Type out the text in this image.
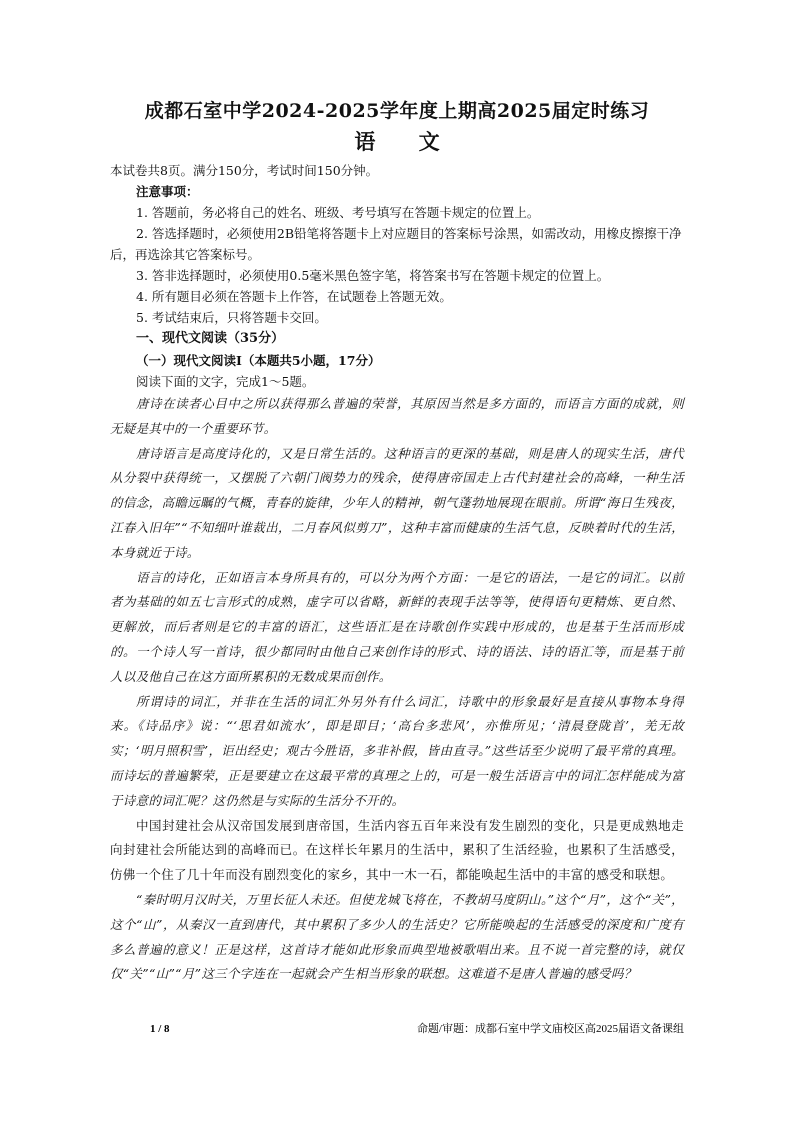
成都石室中学2024-2025学年度上期高2025届定时练习

语 文

本试卷共8页。满分150分，考试时间150分钟。

注意事项：

1. 答题前，务必将自己的姓名、班级、考号填写在答题卡规定的位置上。

2. 答选择题时，必须使用2B铅笔将答题卡上对应题目的答案标号涂黑，如需改动，用橡皮擦擦干净后，再选涂其它答案标号。

3. 答非选择题时，必须使用0.5毫米黑色签字笔，将答案书写在答题卡规定的位置上。

4. 所有题目必须在答题卡上作答，在试题卷上答题无效。

5. 考试结束后，只将答题卡交回。

一、现代文阅读（35分）

（一）现代文阅读Ⅰ（本题共5小题，17分）

阅读下面的文字，完成1～5题。

唐诗在读者心目中之所以获得那么普遍的荣誉，其原因当然是多方面的，而语言方面的成就，则无疑是其中的一个重要环节。

唐诗语言是高度诗化的，又是日常生活的。这种语言的更深的基础，则是唐人的现实生活，唐代从分裂中获得统一，又摆脱了六朝门阀势力的残余，使得唐帝国走上古代封建社会的高峰，一种生活的信念，高瞻远瞩的气概，青春的旋律，少年人的精神，朝气蓬勃地展现在眼前。所谓“海日生残夜，江春入旧年”“不知细叶谁裁出，二月春风似剪刀”，这种丰富而健康的生活气息，反映着时代的生活，本身就近于诗。

语言的诗化，正如语言本身所具有的，可以分为两个方面：一是它的语法，一是它的词汇。以前者为基础的如五七言形式的成熟，虚字可以省略，新鲜的表现手法等等，使得语句更精炼、更自然、更解放，而后者则是它的丰富的语汇，这些语汇是在诗歌创作实践中形成的，也是基于生活而形成的。一个诗人写一首诗，很少都同时由他自己来创作诗的形式、诗的语法、诗的语汇等，而是基于前人以及他自己在这方面所累积的无数成果而创作。

所谓诗的词汇，并非在生活的词汇外另外有什么词汇，诗歌中的形象最好是直接从事物本身得来。《诗品序》说：“‘思君如流水’，即是即目；‘高台多悲风’，亦惟所见；‘清晨登陇首’，羌无故实；‘明月照积雪’，讵出经史；观古今胜语，多非补假，皆由直寻。”这些话至少说明了最平常的真理。而诗坛的普遍繁荣，正是要建立在这最平常的真理之上的，可是一般生活语言中的词汇怎样能成为富于诗意的词汇呢？这仍然是与实际的生活分不开的。

中国封建社会从汉帝国发展到唐帝国，生活内容五百年来没有发生剧烈的变化，只是更成熟地走向封建社会所能达到的高峰而已。在这样长年累月的生活中，累积了生活经验，也累积了生活感受，仿佛一个住了几十年而没有剧烈变化的家乡，其中一木一石，都能唤起生活中的丰富的感受和联想。

“秦时明月汉时关，万里长征人未还。但使龙城飞将在，不教胡马度阴山。”这个“月”，这个“关”，这个“山”，从秦汉一直到唐代，其中累积了多少人的生活史？它所能唤起的生活感受的深度和广度有多么普遍的意义！正是这样，这首诗才能如此形象而典型地被歌唱出来。且不说一首完整的诗，就仅仅“关”“山”“月”这三个字连在一起就会产生相当形象的联想。这难道不是唐人普遍的感受吗？

1 / 8	命题/审题：成都石室中学文庙校区高2025届语文备课组
